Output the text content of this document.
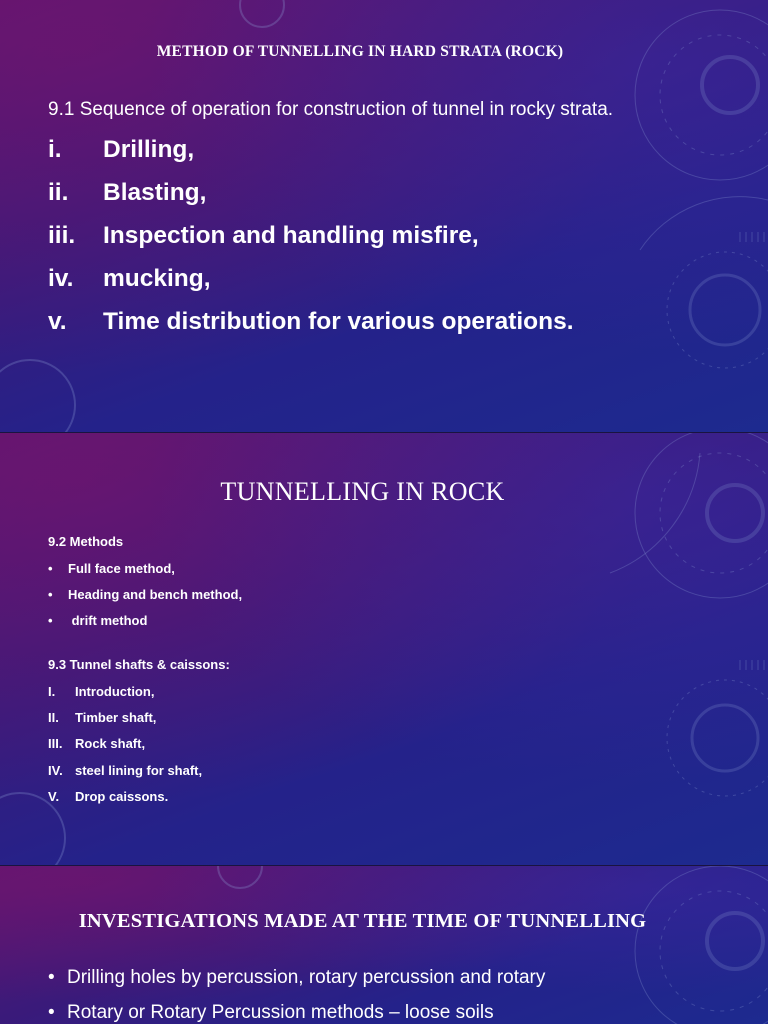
METHOD OF TUNNELLING IN HARD STRATA (ROCK)
9.1 Sequence of operation for construction of tunnel in rocky strata.
i.	Drilling,
ii.	Blasting,
iii.	Inspection and handling misfire,
iv.	mucking,
v.	Time distribution for various operations.
TUNNELLING IN ROCK
9.2 Methods
•	Full face method,
•	Heading and bench method,
•	drift method
9.3 Tunnel shafts & caissons:
I.	Introduction,
II.	Timber shaft,
III. Rock shaft,
IV. steel lining for shaft,
V.	Drop caissons.
INVESTIGATIONS MADE AT THE TIME OF TUNNELLING
• Drilling holes by percussion, rotary percussion and rotary
• Rotary or Rotary Percussion methods – loose soils
